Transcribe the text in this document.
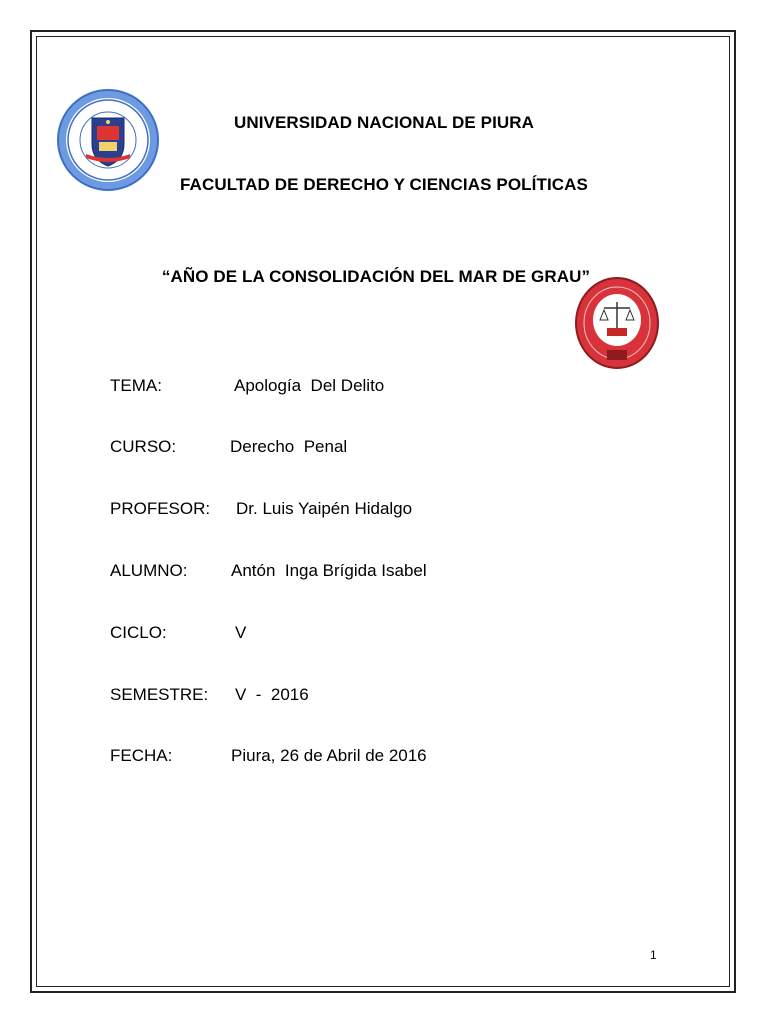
UNIVERSIDAD NACIONAL DE PIURA
FACULTAD DE DERECHO Y CIENCIAS POLÍTICAS
“AÑO DE LA CONSOLIDACIÓN DEL MAR DE GRAU”
TEMA:	Apología  Del Delito
CURSO:	Derecho  Penal
PROFESOR: Dr. Luis Yaipén Hidalgo
ALUMNO:	Antón  Inga Brígida Isabel
CICLO:	V
SEMESTRE: V  -  2016
FECHA:	Piura, 26 de Abril de 2016
1
